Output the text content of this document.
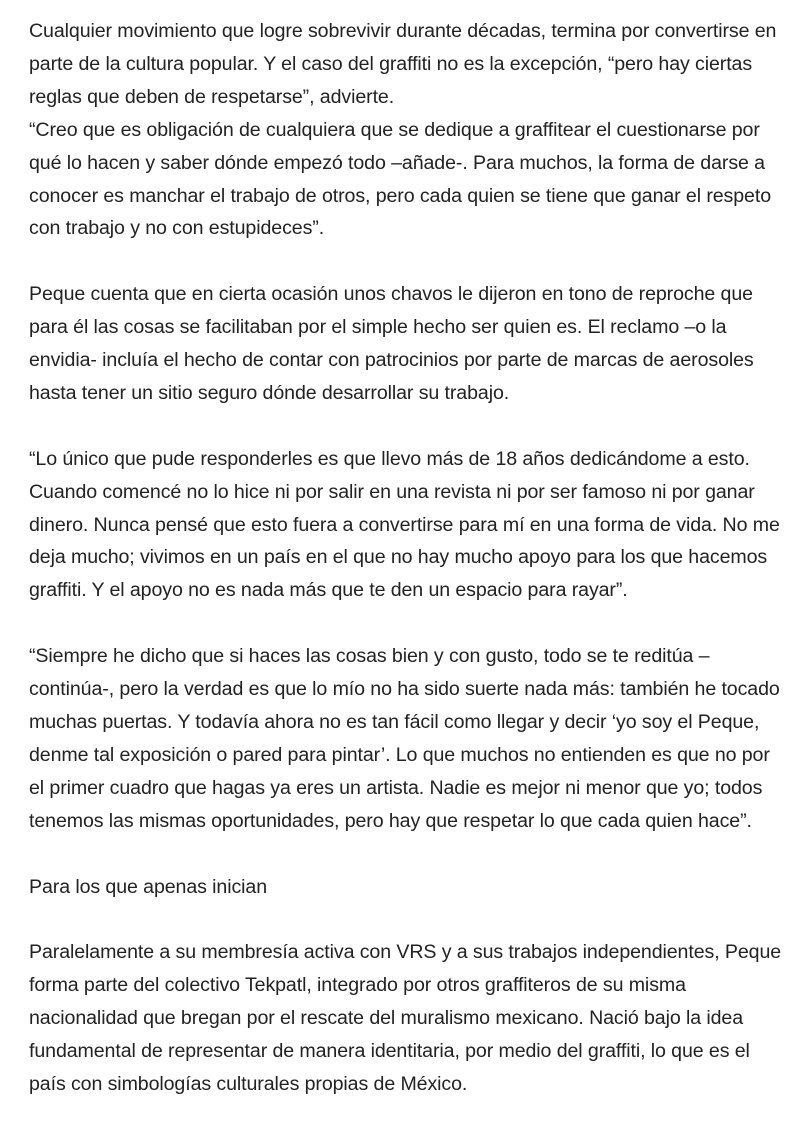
Cualquier movimiento que logre sobrevivir durante décadas, termina por convertirse en parte de la cultura popular. Y el caso del graffiti no es la excepción, “pero hay ciertas reglas que deben de respetarse”, advierte.

“Creo que es obligación de cualquiera que se dedique a graffitear el cuestionarse por qué lo hacen y saber dónde empezó todo –añade-. Para muchos, la forma de darse a conocer es manchar el trabajo de otros, pero cada quien se tiene que ganar el respeto con trabajo y no con estupideces”.

Peque cuenta que en cierta ocasión unos chavos le dijeron en tono de reproche que para él las cosas se facilitaban por el simple hecho ser quien es. El reclamo –o la envidia- incluía el hecho de contar con patrocinios por parte de marcas de aerosoles hasta tener un sitio seguro dónde desarrollar su trabajo.

“Lo único que pude responderles es que llevo más de 18 años dedicándome a esto. Cuando comencé no lo hice ni por salir en una revista ni por ser famoso ni por ganar dinero. Nunca pensé que esto fuera a convertirse para mí en una forma de vida. No me deja mucho; vivimos en un país en el que no hay mucho apoyo para los que hacemos graffiti. Y el apoyo no es nada más que te den un espacio para rayar”.

“Siempre he dicho que si haces las cosas bien y con gusto, todo se te reditúa –continúa-, pero la verdad es que lo mío no ha sido suerte nada más: también he tocado muchas puertas. Y todavía ahora no es tan fácil como llegar y decir ‘yo soy el Peque, denme tal exposición o pared para pintar’. Lo que muchos no entienden es que no por el primer cuadro que hagas ya eres un artista. Nadie es mejor ni menor que yo; todos tenemos las mismas oportunidades, pero hay que respetar lo que cada quien hace”.

Para los que apenas inician

Paralelamente a su membresía activa con VRS y a sus trabajos independientes, Peque forma parte del colectivo Tekpatl, integrado por otros graffiteros de su misma nacionalidad que bregan por el rescate del muralismo mexicano. Nació bajo la idea fundamental de representar de manera identitaria, por medio del graffiti, lo que es el país con simbologías culturales propias de México.
